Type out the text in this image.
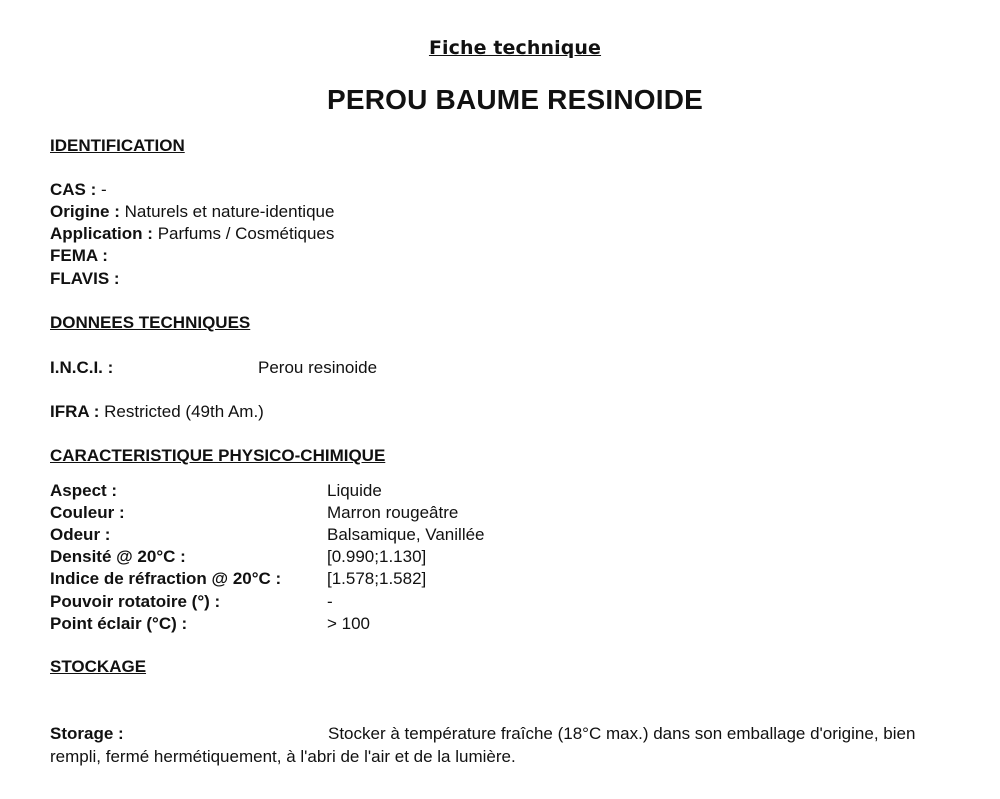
Fiche technique
PEROU BAUME RESINOIDE
IDENTIFICATION
CAS : -
Origine : Naturels et nature-identique
Application : Parfums / Cosmétiques
FEMA :
FLAVIS :
DONNEES TECHNIQUES
I.N.C.I. :	Perou resinoide
IFRA : Restricted (49th Am.)
CARACTERISTIQUE PHYSICO-CHIMIQUE
Aspect :	Liquide
Couleur :	Marron rougeâtre
Odeur :	Balsamique, Vanillée
Densité @ 20°C :	[0.990;1.130]
Indice de réfraction @ 20°C :	[1.578;1.582]
Pouvoir rotatoire (°) :	-
Point éclair (°C) :	> 100
STOCKAGE
Storage :	Stocker à température fraîche (18°C max.) dans son emballage d'origine, bien rempli, fermé hermétiquement, à l'abri de l'air et de la lumière.
